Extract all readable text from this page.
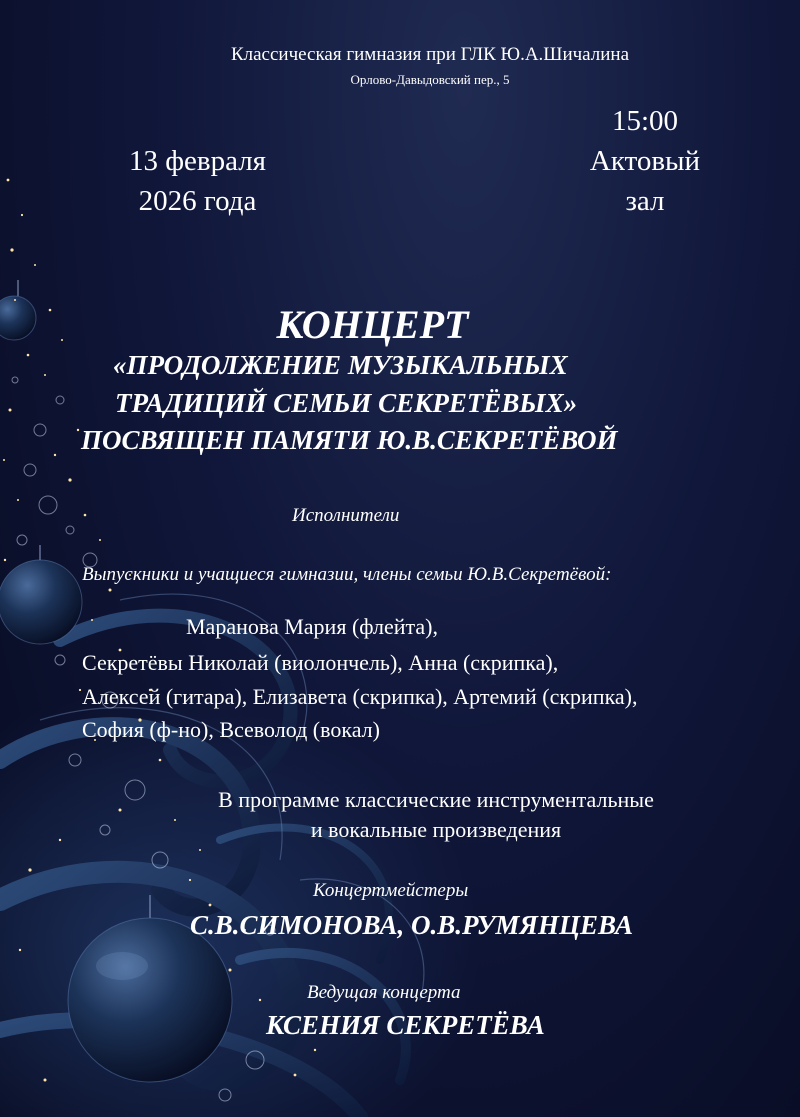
Классическая гимназия при ГЛК Ю.А.Шичалина
Орлово-Давыдовский пер., 5
13 февраля
2026 года
15:00
Актовый
зал
КОНЦЕРТ
«ПРОДОЛЖЕНИЕ МУЗЫКАЛЬНЫХ
ТРАДИЦИЙ СЕМЬИ СЕКРЕТЁВЫХ»
ПОСВЯЩЕН ПАМЯТИ Ю.В.СЕКРЕТЁВОЙ
Исполнители
Выпускники и учащиеся гимназии, члены семьи Ю.В.Секретёвой:
Маранова Мария (флейта),
Секретёвы Николай (виолончель), Анна (скрипка),
Алексей (гитара), Елизавета (скрипка), Артемий (скрипка),
София (ф-но), Всеволод (вокал)
В программе классические инструментальные
и вокальные произведения
Концертмейстеры
С.В.СИМОНОВА, О.В.РУМЯНЦЕВА
Ведущая концерта
КСЕНИЯ СЕКРЕТЁВА
